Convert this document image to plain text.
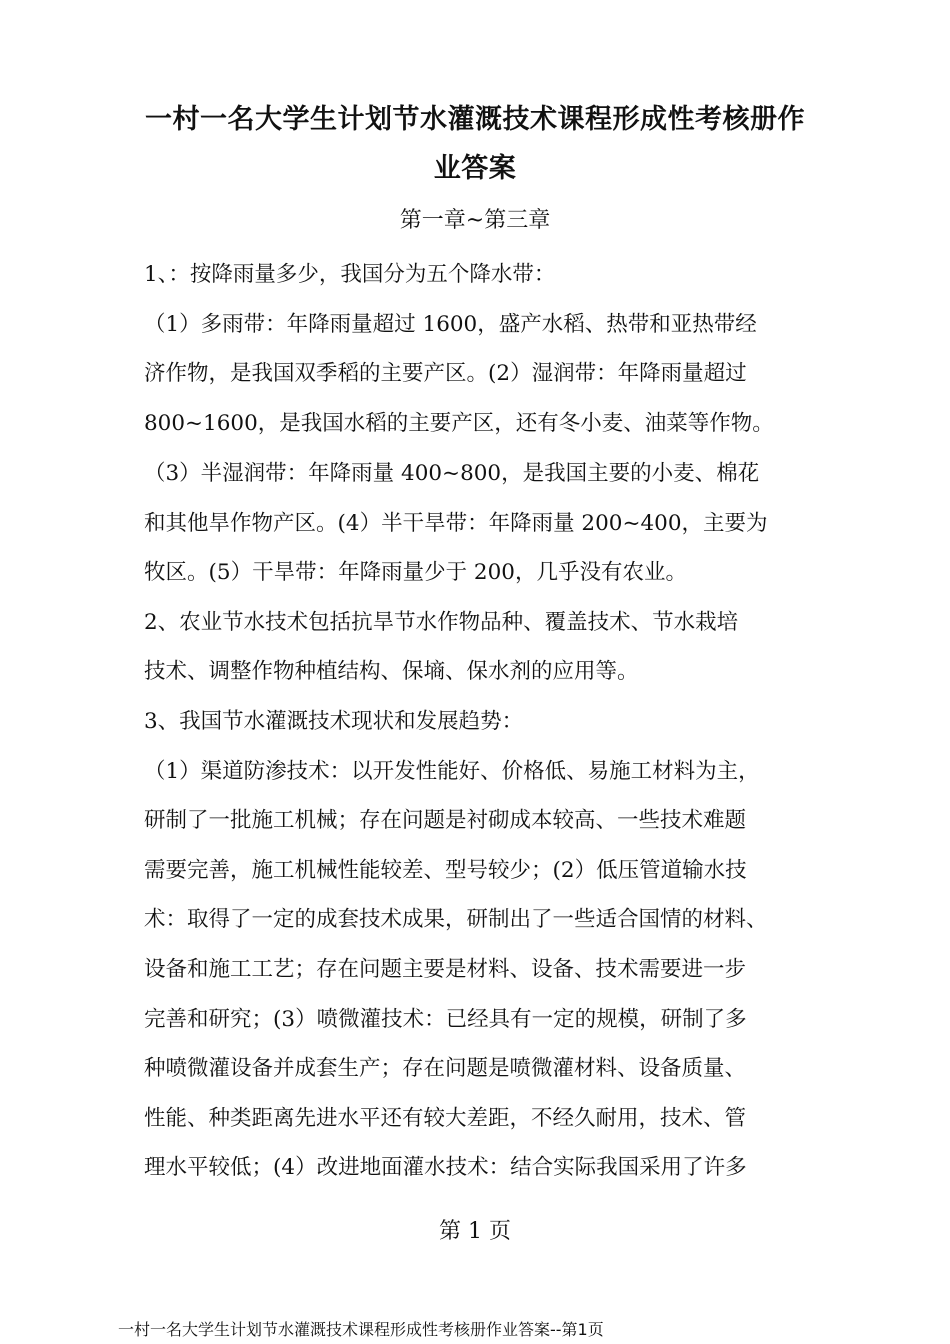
一村一名大学生计划节水灌溉技术课程形成性考核册作
业答案
第一章~第三章
1、：按降雨量多少，我国分为五个降水带：
（1）多雨带：年降雨量超过 1600，盛产水稻、热带和亚热带经
济作物，是我国双季稻的主要产区。(2）湿润带：年降雨量超过
800~1600，是我国水稻的主要产区，还有冬小麦、油菜等作物。
（3）半湿润带：年降雨量 400~800，是我国主要的小麦、棉花
和其他旱作物产区。(4）半干旱带：年降雨量 200~400，主要为
牧区。(5）干旱带：年降雨量少于 200，几乎没有农业。
2、农业节水技术包括抗旱节水作物品种、覆盖技术、节水栽培
技术、调整作物种植结构、保墒、保水剂的应用等。
3、我国节水灌溉技术现状和发展趋势：
（1）渠道防渗技术：以开发性能好、价格低、易施工材料为主，
研制了一批施工机械；存在问题是衬砌成本较高、一些技术难题
需要完善，施工机械性能较差、型号较少；(2）低压管道输水技
术：取得了一定的成套技术成果，研制出了一些适合国情的材料、
设备和施工工艺；存在问题主要是材料、设备、技术需要进一步
完善和研究；(3）喷微灌技术：已经具有一定的规模，研制了多
种喷微灌设备并成套生产；存在问题是喷微灌材料、设备质量、
性能、种类距离先进水平还有较大差距，不经久耐用，技术、管
理水平较低；(4）改进地面灌水技术：结合实际我国采用了许多
第 1 页
一村一名大学生计划节水灌溉技术课程形成性考核册作业答案--第1页
